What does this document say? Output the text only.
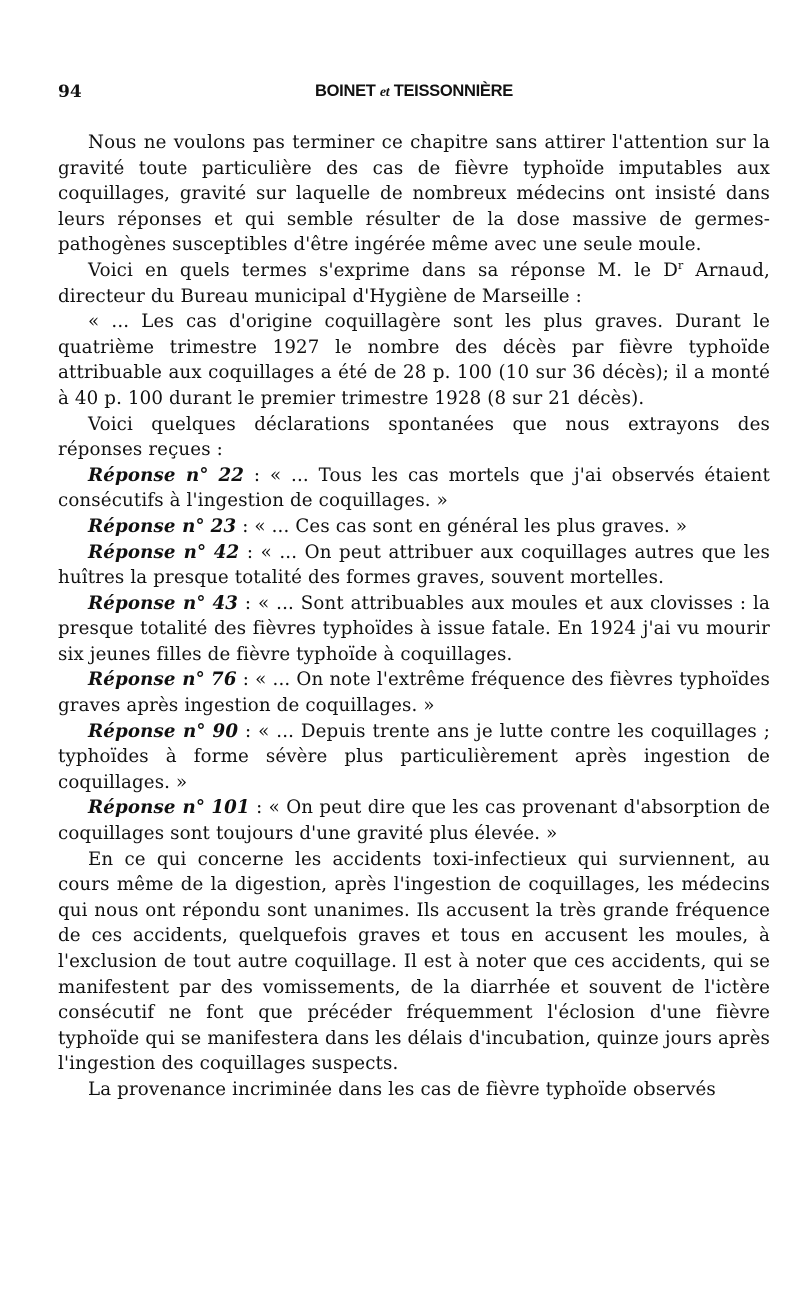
94	BOINET et TEISSONNIÈRE

Nous ne voulons pas terminer ce chapitre sans attirer l'attention sur la gravité toute particulière des cas de fièvre typhoïde imputables aux coquillages, gravité sur laquelle de nombreux médecins ont insisté dans leurs réponses et qui semble résulter de la dose massive de germes-pathogènes susceptibles d'être ingérée même avec une seule moule.

Voici en quels termes s'exprime dans sa réponse M. le $D^r$ Arnaud, directeur du Bureau municipal d'Hygiène de Marseille :

« ... Les cas d'origine coquillagère sont les plus graves. Durant le quatrième trimestre 1927 le nombre des décès par fièvre typhoïde attribuable aux coquillages a été de 28 p. 100 (10 sur 36 décès); il a monté à 40 p. 100 durant le premier trimestre 1928 (8 sur 21 décès).

Voici quelques déclarations spontanées que nous extrayons des réponses reçues :

Réponse n° 22 : « ... Tous les cas mortels que j'ai observés étaient consécutifs à l'ingestion de coquillages. »

Réponse n° 23 : « ... Ces cas sont en général les plus graves. »

Réponse n° 42 : « ... On peut attribuer aux coquillages autres que les huîtres la presque totalité des formes graves, souvent mortelles.

Réponse n° 43 : « ... Sont attribuables aux moules et aux clovisses : la presque totalité des fièvres typhoïdes à issue fatale. En 1924 j'ai vu mourir six jeunes filles de fièvre typhoïde à coquillages.

Réponse n° 76 : « ... On note l'extrême fréquence des fièvres typhoïdes graves après ingestion de coquillages. »

Réponse n° 90 : « ... Depuis trente ans je lutte contre les coquillages ; typhoïdes à forme sévère plus particulièrement après ingestion de coquillages. »

Réponse n° 101 : « On peut dire que les cas provenant d'absorption de coquillages sont toujours d'une gravité plus élevée. »

En ce qui concerne les accidents toxi-infectieux qui surviennent, au cours même de la digestion, après l'ingestion de coquillages, les médecins qui nous ont répondu sont unanimes. Ils accusent la très grande fréquence de ces accidents, quelquefois graves et tous en accusent les moules, à l'exclusion de tout autre coquillage. Il est à noter que ces accidents, qui se manifestent par des vomissements, de la diarrhée et souvent de l'ictère consécutif ne font que précéder fréquemment l'éclosion d'une fièvre typhoïde qui se manifestera dans les délais d'incubation, quinze jours après l'ingestion des coquillages suspects.

La provenance incriminée dans les cas de fièvre typhoïde observés
